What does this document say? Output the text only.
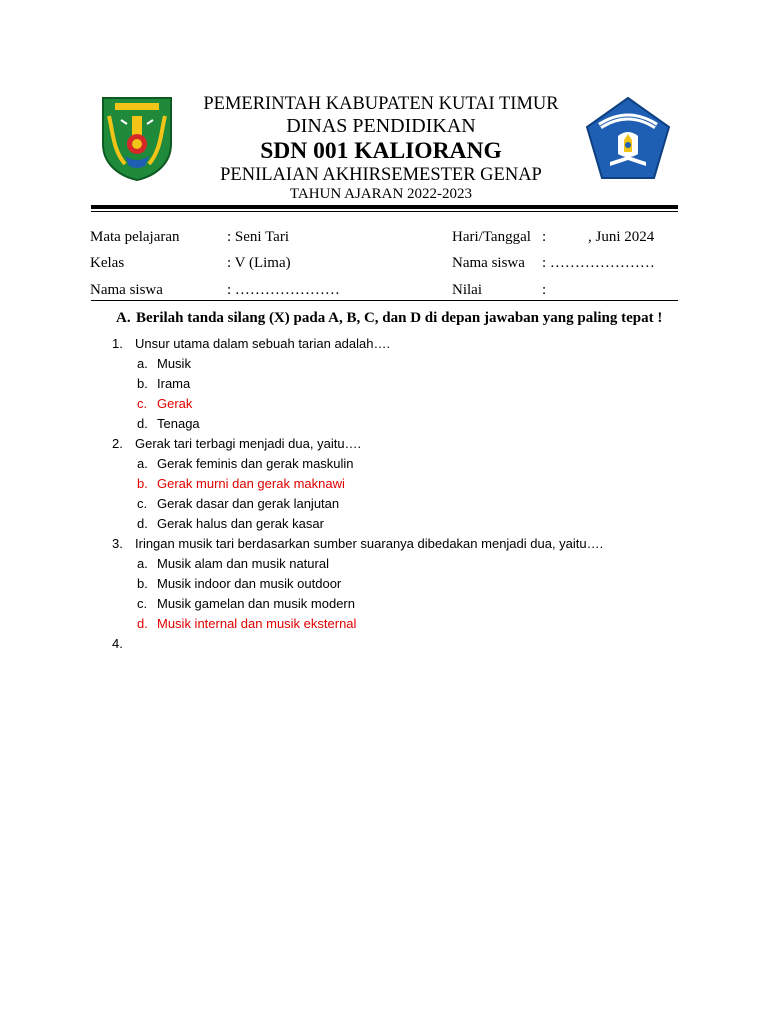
PEMERINTAH KABUPATEN KUTAI TIMUR
DINAS PENDIDIKAN
SDN 001 KALIORANG
PENILAIAN AKHIRSEMESTER GENAP
TAHUN AJARAN 2022-2023
Mata pelajaran	: Seni Tari	Hari/Tanggal :	, Juni 2024
Kelas	: V (Lima)	Nama siswa : …………………
Nama siswa	: …………………	Nilai	:
A. Berilah tanda silang (X) pada A, B, C, dan D di depan jawaban yang paling tepat !
1. Unsur utama dalam sebuah tarian adalah….
a. Musik
b. Irama
c. Gerak
d. Tenaga
2. Gerak tari terbagi menjadi dua, yaitu….
a. Gerak feminis dan gerak maskulin
b. Gerak murni dan gerak maknawi
c. Gerak dasar dan gerak lanjutan
d. Gerak halus dan gerak kasar
3. Iringan musik tari berdasarkan sumber suaranya dibedakan menjadi dua, yaitu….
a. Musik alam dan musik natural
b. Musik indoor dan musik outdoor
c. Musik gamelan dan musik modern
d. Musik internal dan musik eksternal
4.
